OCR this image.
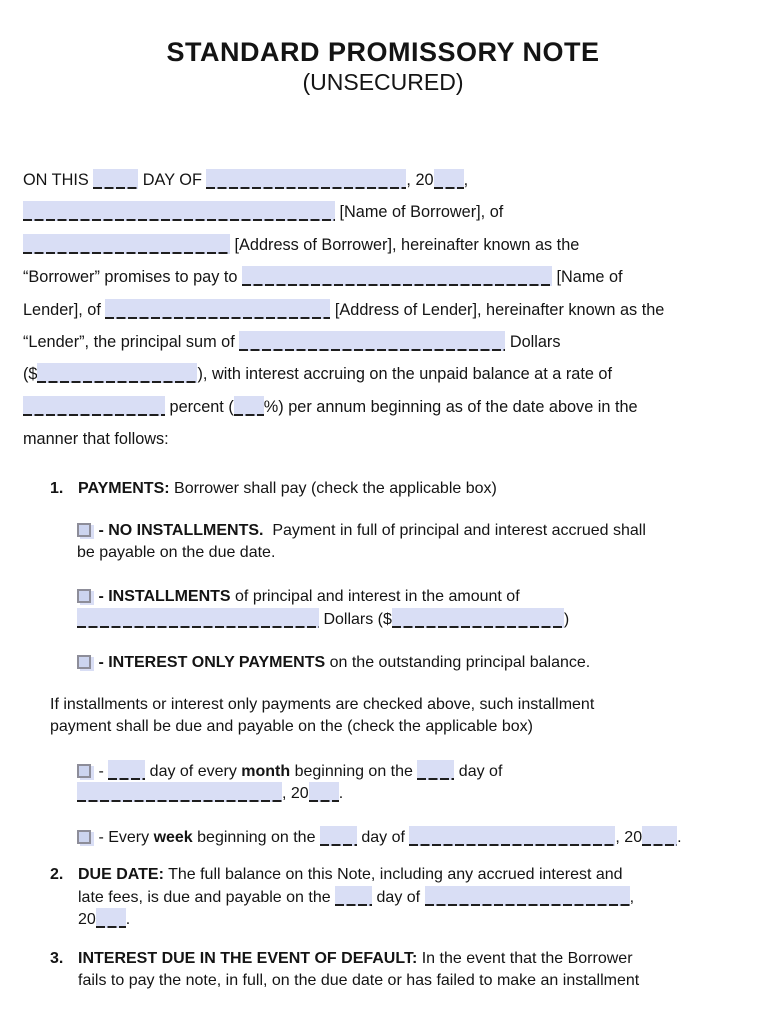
STANDARD PROMISSORY NOTE
(UNSECURED)
ON THIS	DAY OF	, 20 ,
[Name of Borrower], of
[Address of Borrower], hereinafter known as the
“Borrower” promises to pay to	[Name of
Lender], of	[Address of Lender], hereinafter known as the
“Lender”, the principal sum of	Dollars
($	), with interest accruing on the unpaid balance at a rate of
percent ( %) per annum beginning as of the date above in the
manner that follows:
1. PAYMENTS: Borrower shall pay (check the applicable box)
- NO INSTALLMENTS.  Payment in full of principal and interest accrued shall
be payable on the due date.
- INSTALLMENTS of principal and interest in the amount of
Dollars ($	)
- INTEREST ONLY PAYMENTS on the outstanding principal balance.
If installments or interest only payments are checked above, such installment
payment shall be due and payable on the (check the applicable box)
-  day of every month beginning on the  day of
, 20 .
- Every week beginning on the  day of	, 20 .
2. DUE DATE: The full balance on this Note, including any accrued interest and
late fees, is due and payable on the  day of	,
20 .
3. INTEREST DUE IN THE EVENT OF DEFAULT: In the event that the Borrower
fails to pay the note, in full, on the due date or has failed to make an installment
